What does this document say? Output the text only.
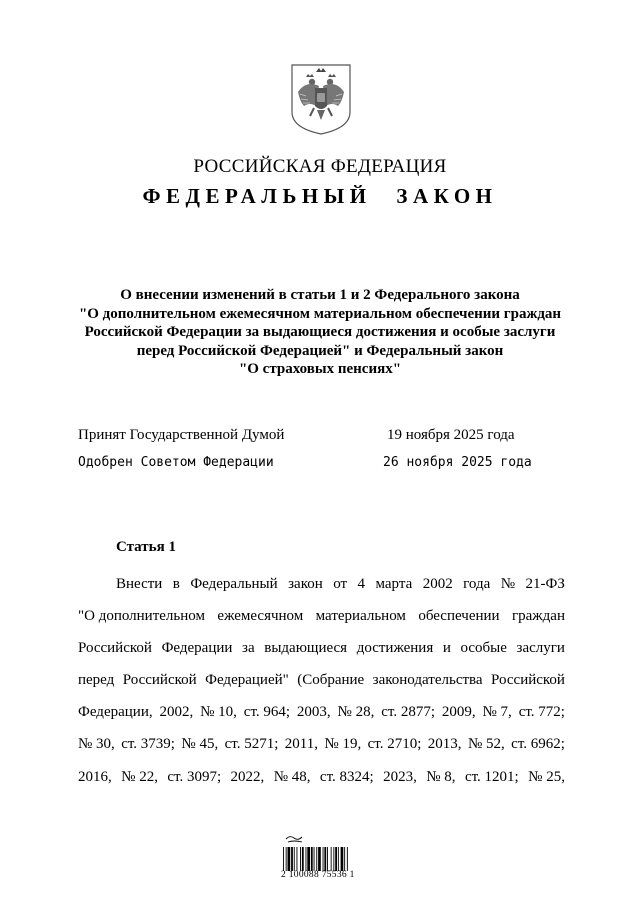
РОССИЙСКАЯ ФЕДЕРАЦИЯ
ФЕДЕРАЛЬНЫЙ ЗАКОН
О внесении изменений в статьи 1 и 2 Федерального закона
"О дополнительном ежемесячном материальном обеспечении граждан
Российской Федерации за выдающиеся достижения и особые заслуги
перед Российской Федерацией" и Федеральный закон
"О страховых пенсиях"
Принят Государственной Думой	19 ноября 2025 года
Одобрен Советом Федерации	26 ноября 2025 года
Статья 1
Внести в Федеральный закон от 4 марта 2002 года № 21-ФЗ
"О дополнительном ежемесячном материальном обеспечении граждан
Российской Федерации за выдающиеся достижения и особые заслуги
перед Российской Федерацией" (Собрание законодательства Российской
Федерации, 2002, № 10, ст. 964; 2003, № 28, ст. 2877; 2009, № 7, ст. 772;
№ 30, ст. 3739; № 45, ст. 5271; 2011, № 19, ст. 2710; 2013, № 52, ст. 6962;
2016, № 22, ст. 3097; 2022, № 48, ст. 8324; 2023, № 8, ст. 1201; № 25,
2 100088 75536 1
